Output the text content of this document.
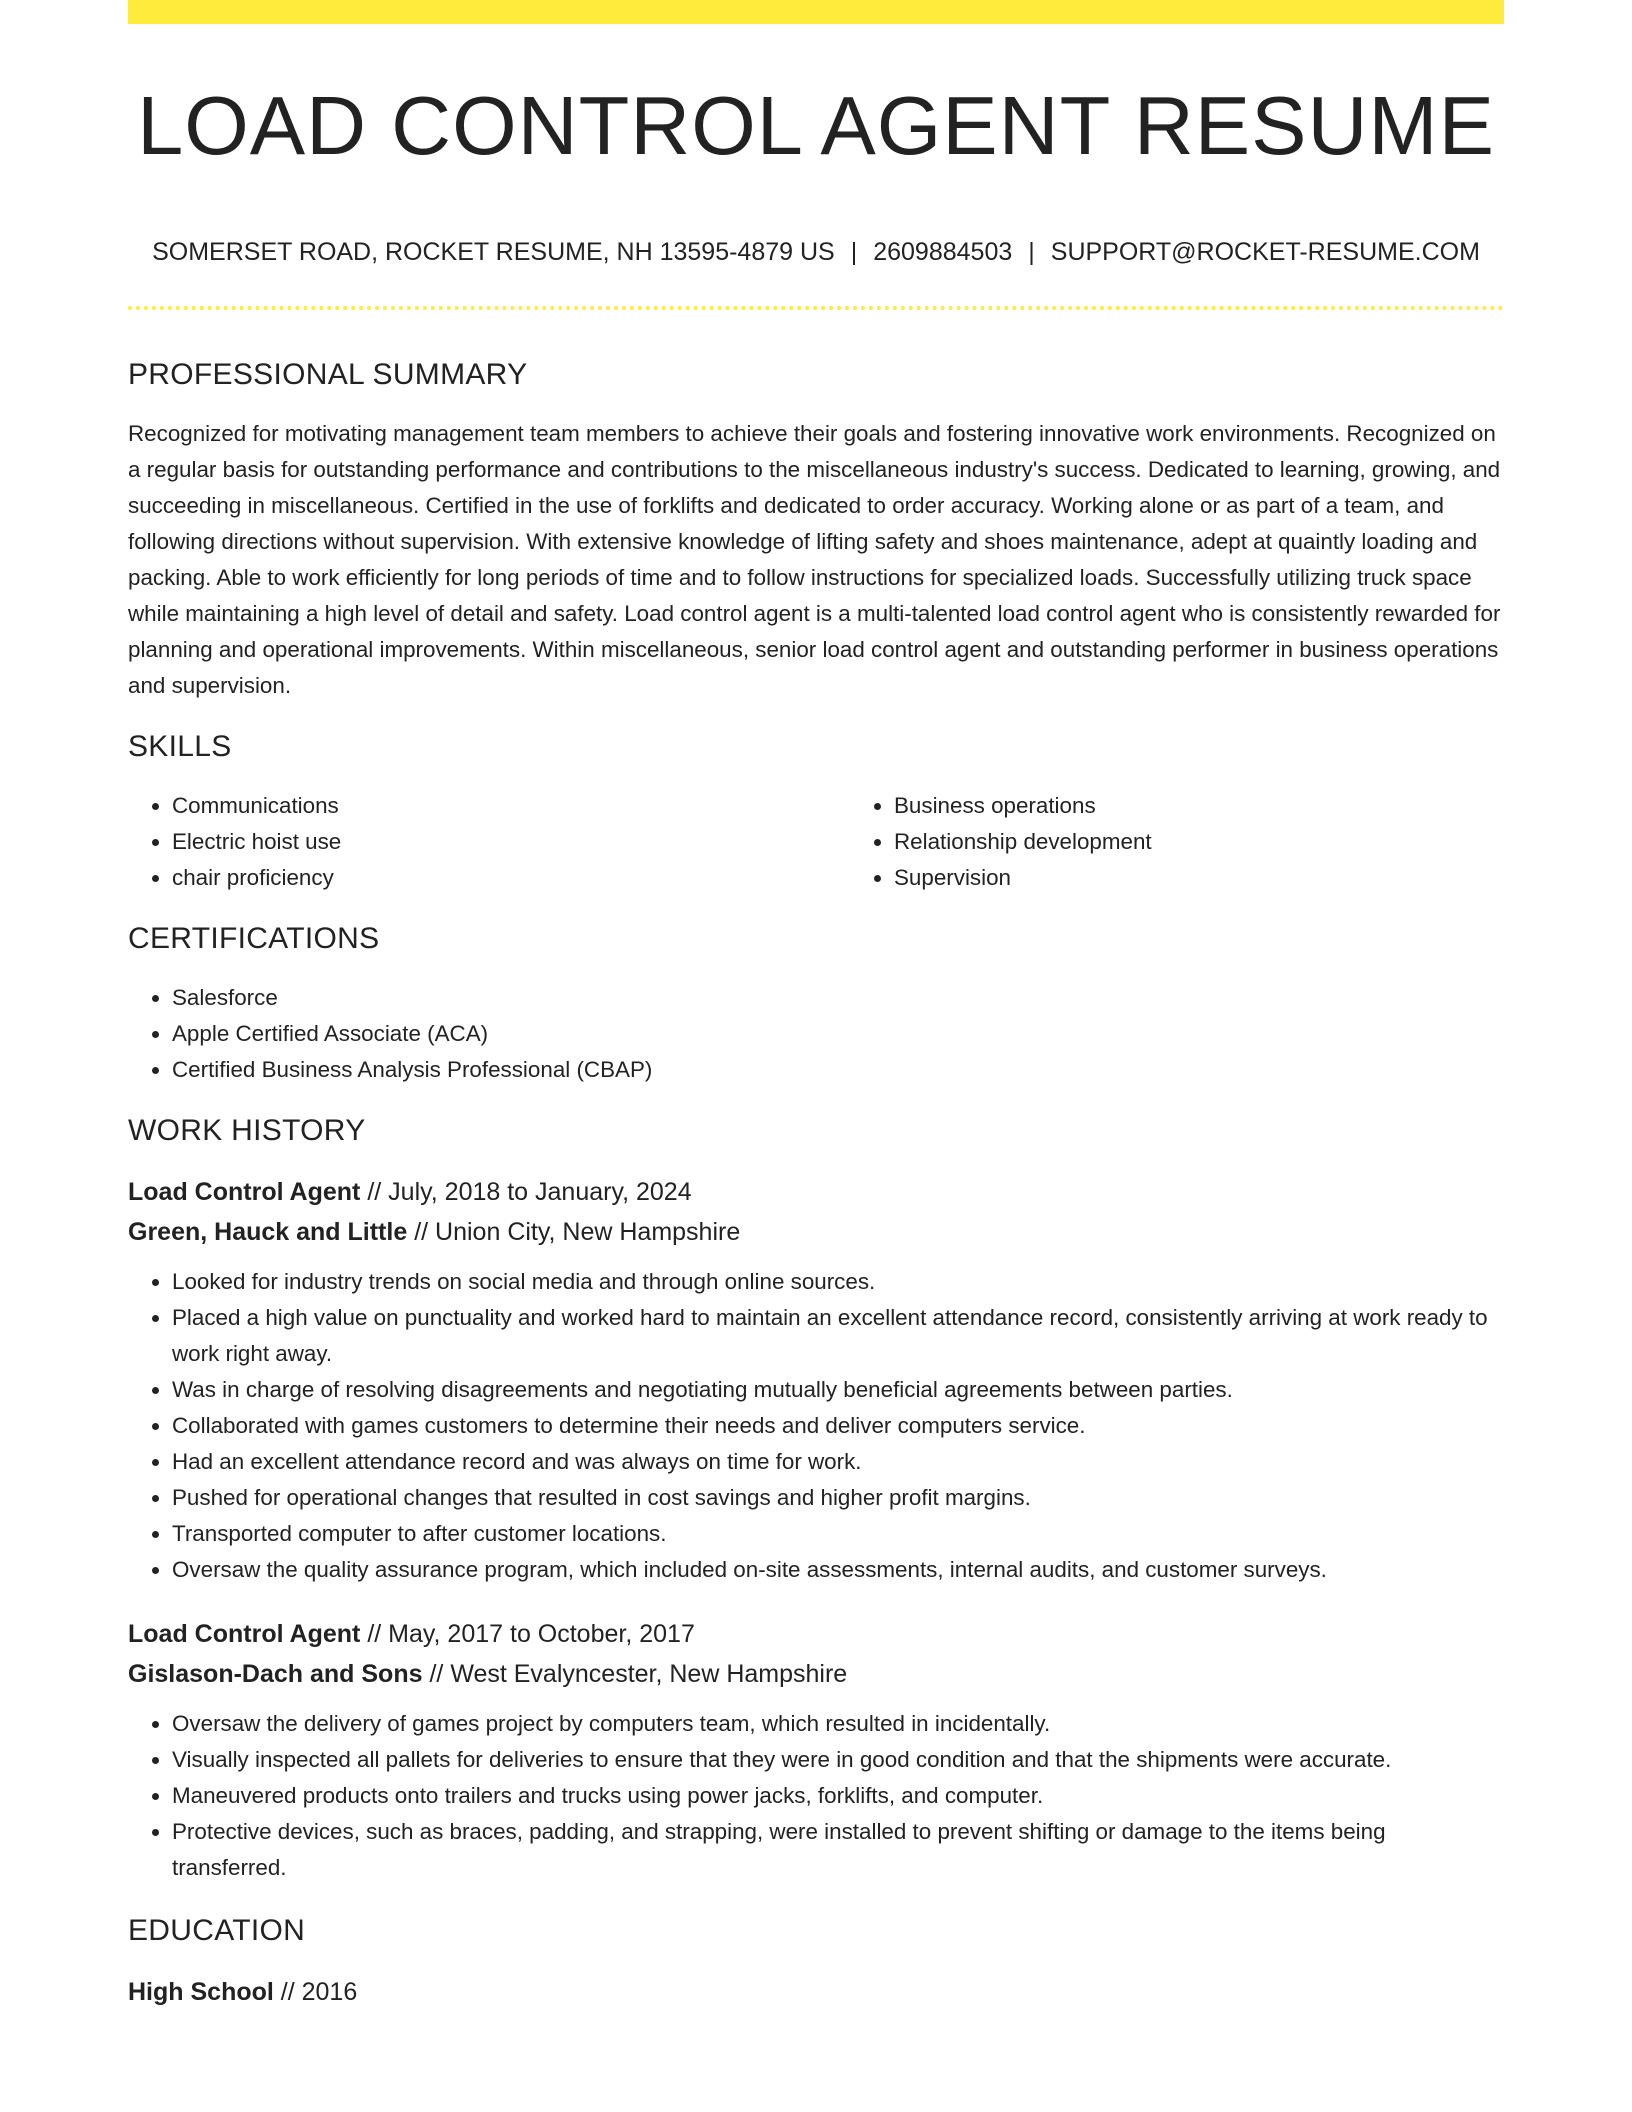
LOAD CONTROL AGENT RESUME
SOMERSET ROAD, ROCKET RESUME, NH 13595-4879 US | 2609884503 | SUPPORT@ROCKET-RESUME.COM
PROFESSIONAL SUMMARY

Recognized for motivating management team members to achieve their goals and fostering innovative work environments. Recognized on a regular basis for outstanding performance and contributions to the miscellaneous industry's success. Dedicated to learning, growing, and succeeding in miscellaneous. Certified in the use of forklifts and dedicated to order accuracy. Working alone or as part of a team, and following directions without supervision. With extensive knowledge of lifting safety and shoes maintenance, adept at quaintly loading and packing. Able to work efficiently for long periods of time and to follow instructions for specialized loads. Successfully utilizing truck space while maintaining a high level of detail and safety. Load control agent is a multi-talented load control agent who is consistently rewarded for planning and operational improvements. Within miscellaneous, senior load control agent and outstanding performer in business operations and supervision.

SKILLS
• Communications
• Electric hoist use
• chair proficiency
• Business operations
• Relationship development
• Supervision
CERTIFICATIONS
• Salesforce
• Apple Certified Associate (ACA)
• Certified Business Analysis Professional (CBAP)
WORK HISTORY
Load Control Agent // July, 2018 to January, 2024
Green, Hauck and Little // Union City, New Hampshire
• Looked for industry trends on social media and through online sources.
• Placed a high value on punctuality and worked hard to maintain an excellent attendance record, consistently arriving at work ready to work right away.
• Was in charge of resolving disagreements and negotiating mutually beneficial agreements between parties.
• Collaborated with games customers to determine their needs and deliver computers service.
• Had an excellent attendance record and was always on time for work.
• Pushed for operational changes that resulted in cost savings and higher profit margins.
• Transported computer to after customer locations.
• Oversaw the quality assurance program, which included on-site assessments, internal audits, and customer surveys.
Load Control Agent // May, 2017 to October, 2017
Gislason-Dach and Sons // West Evalyncester, New Hampshire
• Oversaw the delivery of games project by computers team, which resulted in incidentally.
• Visually inspected all pallets for deliveries to ensure that they were in good condition and that the shipments were accurate.
• Maneuvered products onto trailers and trucks using power jacks, forklifts, and computer.
• Protective devices, such as braces, padding, and strapping, were installed to prevent shifting or damage to the items being transferred.
EDUCATION
High School // 2016
